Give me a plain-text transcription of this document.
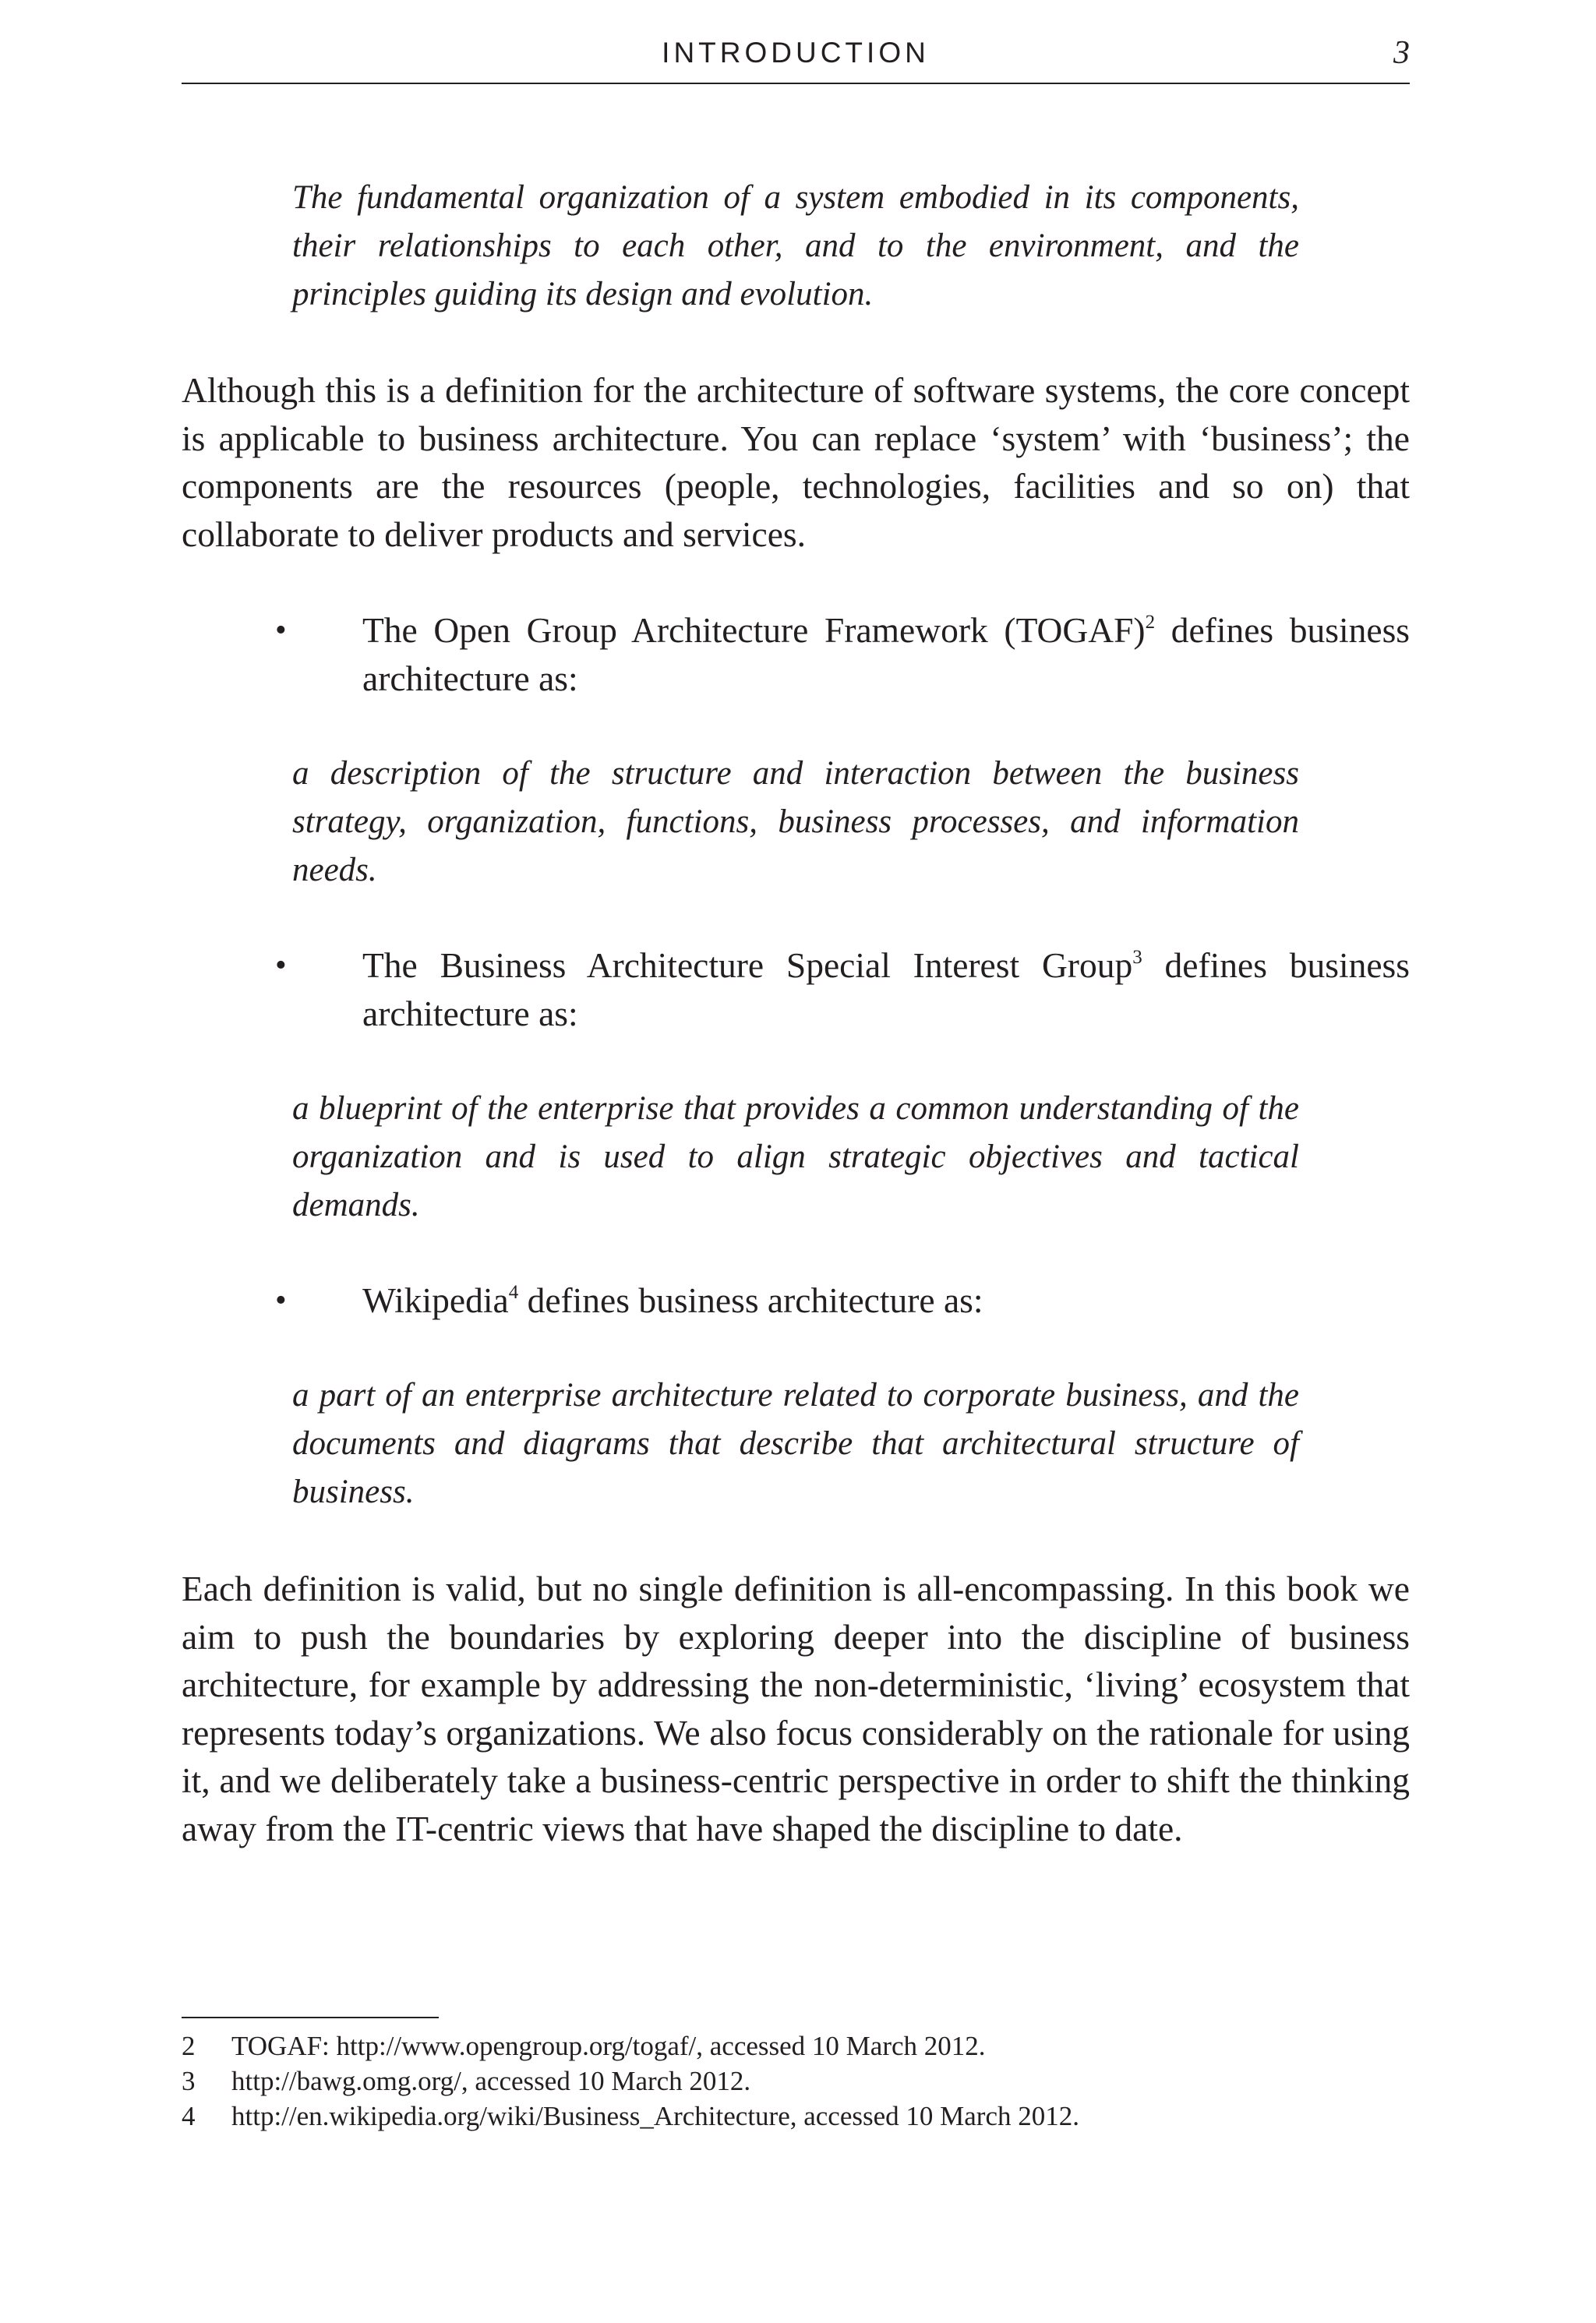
INTRODUCTION	3
The fundamental organization of a system embodied in its components, their relationships to each other, and to the environment, and the principles guiding its design and evolution.
Although this is a definition for the architecture of software systems, the core concept is applicable to business architecture. You can replace ‘system’ with ‘business’; the components are the resources (people, technologies, facilities and so on) that collaborate to deliver products and services.
• The Open Group Architecture Framework (TOGAF)$^2$ defines business architecture as:
a description of the structure and interaction between the business strategy, organization, functions, business processes, and information needs.
• The Business Architecture Special Interest Group$^3$ defines business architecture as:
a blueprint of the enterprise that provides a common understanding of the organization and is used to align strategic objectives and tactical demands.
• Wikipedia$^4$ defines business architecture as:
a part of an enterprise architecture related to corporate business, and the documents and diagrams that describe that architectural structure of business.
Each definition is valid, but no single definition is all-encompassing. In this book we aim to push the boundaries by exploring deeper into the discipline of business architecture, for example by addressing the non-deterministic, ‘living’ ecosystem that represents today’s organizations. We also focus considerably on the rationale for using it, and we deliberately take a business-centric perspective in order to shift the thinking away from the IT-centric views that have shaped the discipline to date.
2 TOGAF: http://www.opengroup.org/togaf/, accessed 10 March 2012.
3 http://bawg.omg.org/, accessed 10 March 2012.
4 http://en.wikipedia.org/wiki/Business_Architecture, accessed 10 March 2012.
